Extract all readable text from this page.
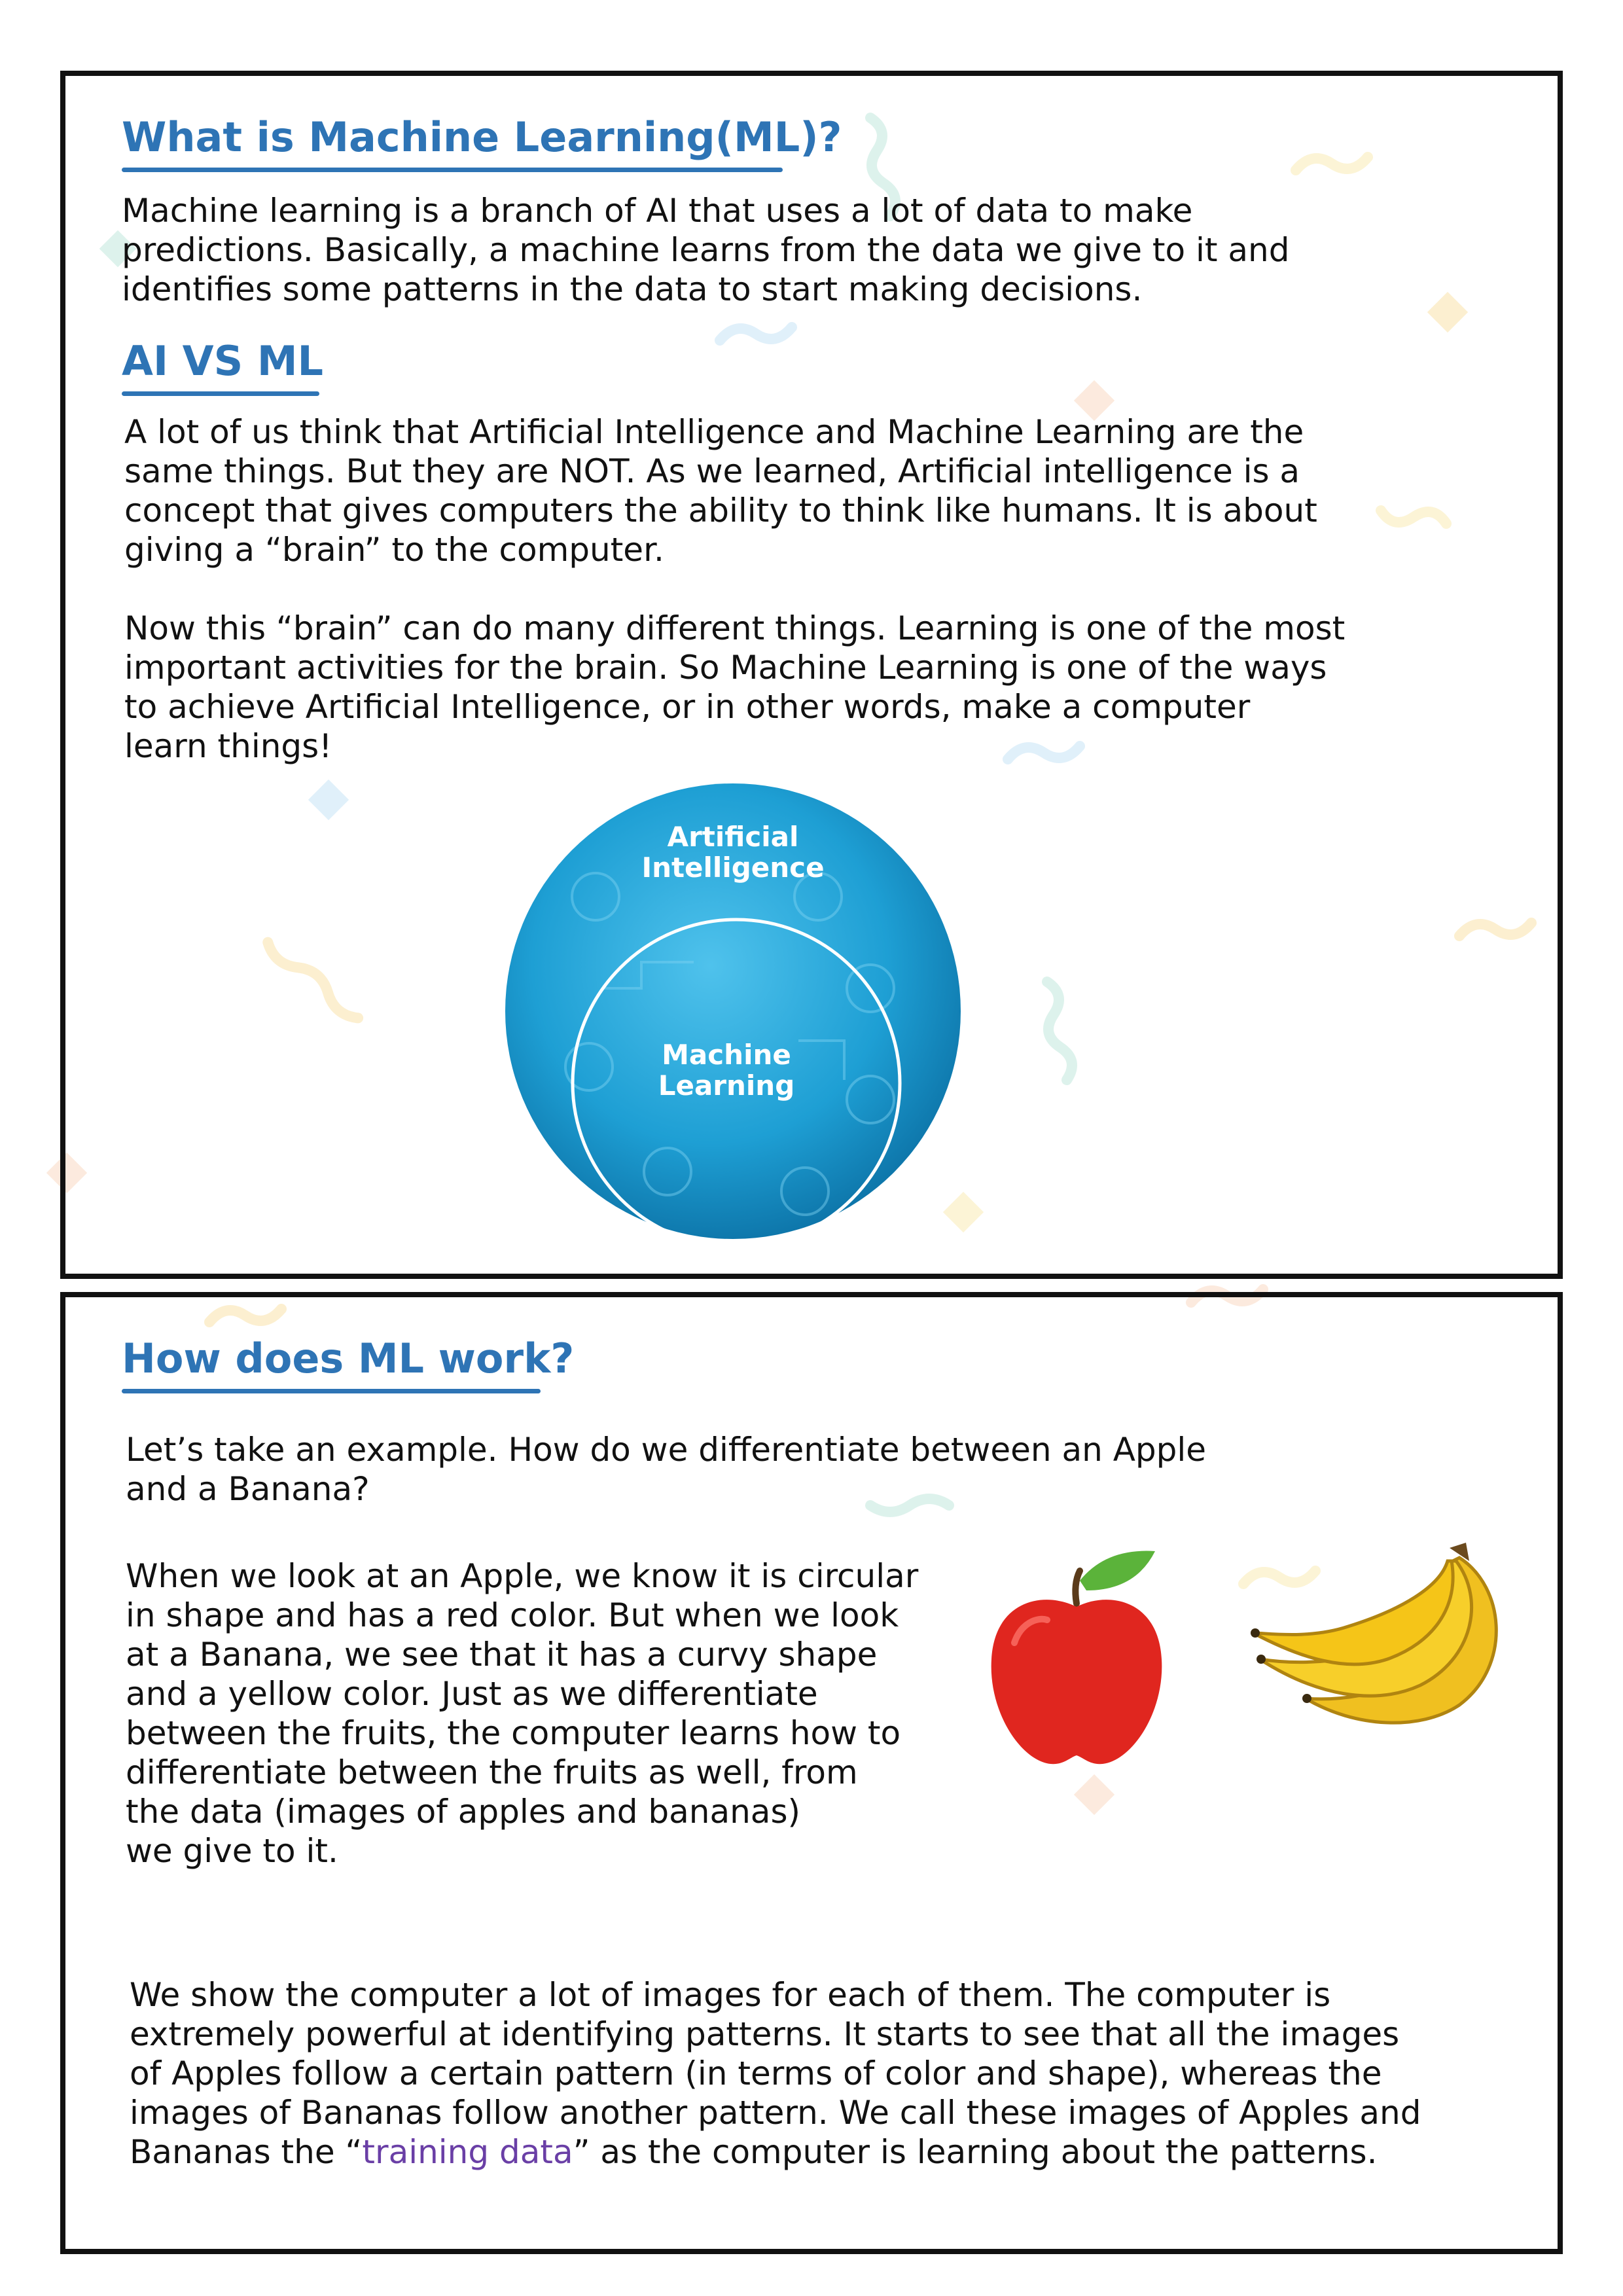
What is Machine Learning(ML)?

Machine learning is a branch of AI that uses a lot of data to make
predictions. Basically, a machine learns from the data we give to it and
identifies some patterns in the data to start making decisions.

AI VS ML

A lot of us think that Artificial Intelligence and Machine Learning are the
same things. But they are NOT. As we learned, Artificial intelligence is a
concept that gives computers the ability to think like humans. It is about
giving a “brain” to the computer.

Now this “brain” can do many different things. Learning is one of the most
important activities for the brain. So Machine Learning is one of the ways
to achieve Artificial Intelligence, or in other words, make a computer
learn things!

Artificial
Intelligence

Machine
Learning

How does ML work?

Let’s take an example. How do we differentiate between an Apple
and a Banana?

When we look at an Apple, we know it is circular
in shape and has a red color. But when we look
at a Banana, we see that it has a curvy shape
and a yellow color. Just as we differentiate
between the fruits, the computer learns how to
differentiate between the fruits as well, from
the data (images of apples and bananas)
we give to it.

We show the computer a lot of images for each of them. The computer is
extremely powerful at identifying patterns. It starts to see that all the images
of Apples follow a certain pattern (in terms of color and shape), whereas the
images of Bananas follow another pattern. We call these images of Apples and
Bananas the “training data” as the computer is learning about the patterns.
